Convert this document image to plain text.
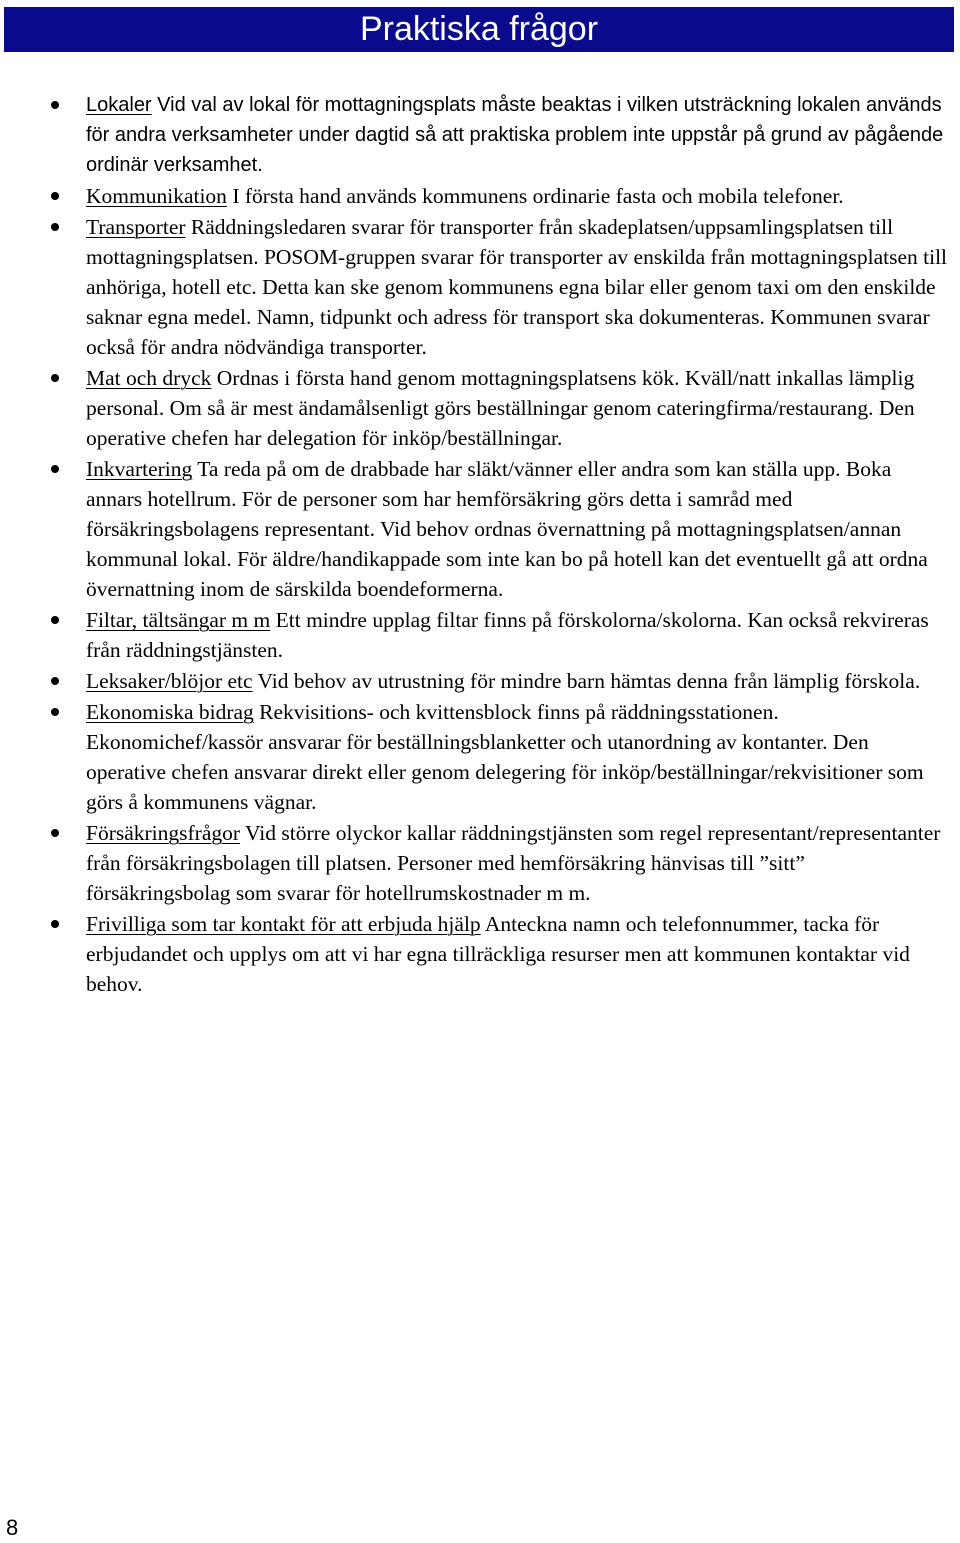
Praktiska frågor
Lokaler Vid val av lokal för mottagningsplats måste beaktas i vilken utsträckning lokalen används för andra verksamheter under dagtid så att praktiska problem inte uppstår på grund av pågående ordinär verksamhet.
Kommunikation I första hand används kommunens ordinarie fasta och mobila telefoner.
Transporter Räddningsledaren svarar för transporter från skadeplatsen/uppsamlingsplatsen till mottagningsplatsen. POSOM-gruppen svarar för transporter av enskilda från mottagningsplatsen till anhöriga, hotell etc. Detta kan ske genom kommunens egna bilar eller genom taxi om den enskilde saknar egna medel. Namn, tidpunkt och adress för transport ska dokumenteras. Kommunen svarar också för andra nödvändiga transporter.
Mat och dryck Ordnas i första hand genom mottagningsplatsens kök. Kväll/natt inkallas lämplig personal. Om så är mest ändamålsenligt görs beställningar genom cateringfirma/restaurang. Den operative chefen har delegation för inköp/beställningar.
Inkvartering Ta reda på om de drabbade har släkt/vänner eller andra som kan ställa upp. Boka annars hotellrum. För de personer som har hemförsäkring görs detta i samråd med försäkringsbolagens representant. Vid behov ordnas övernattning på mottagningsplatsen/annan kommunal lokal. För äldre/handikappade som inte kan bo på hotell kan det eventuellt gå att ordna övernattning inom de särskilda boendeformerna.
Filtar, tältsängar m m Ett mindre upplag filtar finns på förskolorna/skolorna. Kan också rekvireras från räddningstjänsten.
Leksaker/blöjor etc Vid behov av utrustning för mindre barn hämtas denna från lämplig förskola.
Ekonomiska bidrag Rekvisitions- och kvittensblock finns på räddningsstationen. Ekonomichef/kassör ansvarar för beställningsblanketter och utanordning av kontanter. Den operative chefen ansvarar direkt eller genom delegering för inköp/beställningar/rekvisitioner som görs å kommunens vägnar.
Försäkringsfrågor Vid större olyckor kallar räddningstjänsten som regel representant/representanter från försäkringsbolagen till platsen. Personer med hemförsäkring hänvisas till ”sitt” försäkringsbolag som svarar för hotellrumskostnader m m.
Frivilliga som tar kontakt för att erbjuda hjälp Anteckna namn och telefonnummer, tacka för erbjudandet och upplys om att vi har egna tillräckliga resurser men att kommunen kontaktar vid behov.
8
